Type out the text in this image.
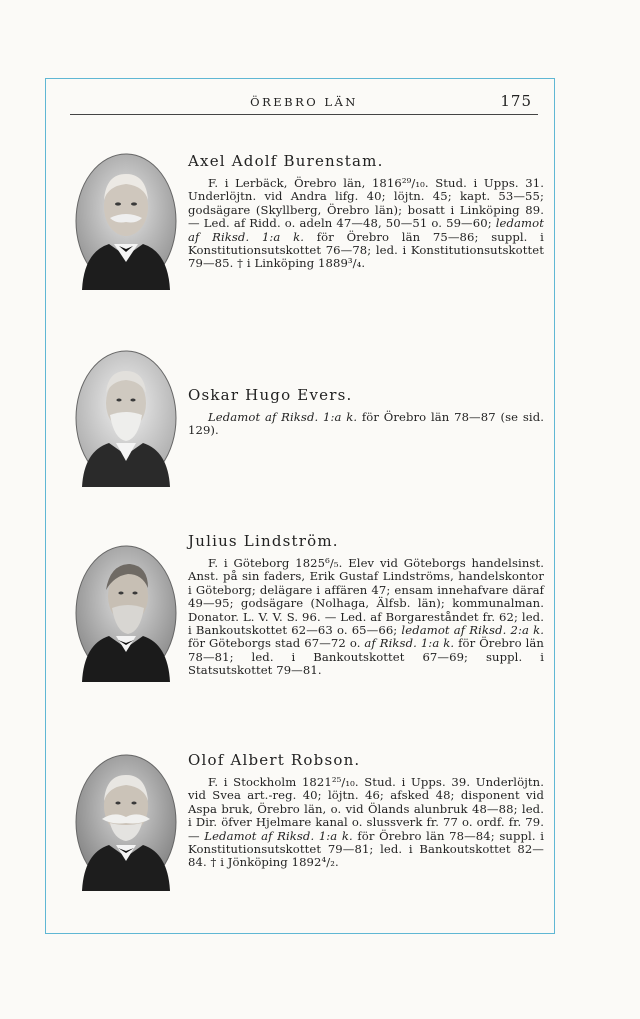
ÖREBRO LÄN	175
Axel Adolf Burenstam.

F. i Lerbäck, Örebro län, 1816²⁹/₁₀. Stud. i Upps. 31. Underlöjtn. vid Andra lifg. 40; löjtn. 45; kapt. 53—55; godsägare (Skyllberg, Örebro län); bosatt i Linköping 89. — Led. af Ridd. o. adeln 47—48, 50—51 o. 59—60; ledamot af Riksd. 1:a k. för Örebro län 75—86; suppl. i Konstitutionsutskottet 76—78; led. i Konstitutionsutskottet 79—85. † i Linköping 1889³/₄.

Oskar Hugo Evers.

Ledamot af Riksd. 1:a k. för Örebro län 78—87 (se sid. 129).

Julius Lindström.

F. i Göteborg 1825⁶/₅. Elev vid Göteborgs handelsinst. Anst. på sin faders, Erik Gustaf Lindströms, handelskontor i Göteborg; delägare i affären 47; ensam innehafvare däraf 49—95; godsägare (Nolhaga, Älfsb. län); kommunalman. Donator. L. V. V. S. 96. — Led. af Borgareståndet fr. 62; led. i Bankoutskottet 62—63 o. 65—66; ledamot af Riksd. 2:a k. för Göteborgs stad 67—72 o. af Riksd. 1:a k. för Örebro län 78—81; led. i Bankoutskottet 67—69; suppl. i Statsutskottet 79—81.

Olof Albert Robson.

F. i Stockholm 1821²⁵/₁₀. Stud. i Upps. 39. Underlöjtn. vid Svea art.-reg. 40; löjtn. 46; afsked 48; disponent vid Aspa bruk, Örebro län, o. vid Ölands alunbruk 48—88; led. i Dir. öfver Hjelmare kanal o. slussverk fr. 77 o. ordf. fr. 79. — Ledamot af Riksd. 1:a k. för Örebro län 78—84; suppl. i Konstitutionsutskottet 79—81; led. i Bankoutskottet 82—84. † i Jönköping 1892⁴/₂.
